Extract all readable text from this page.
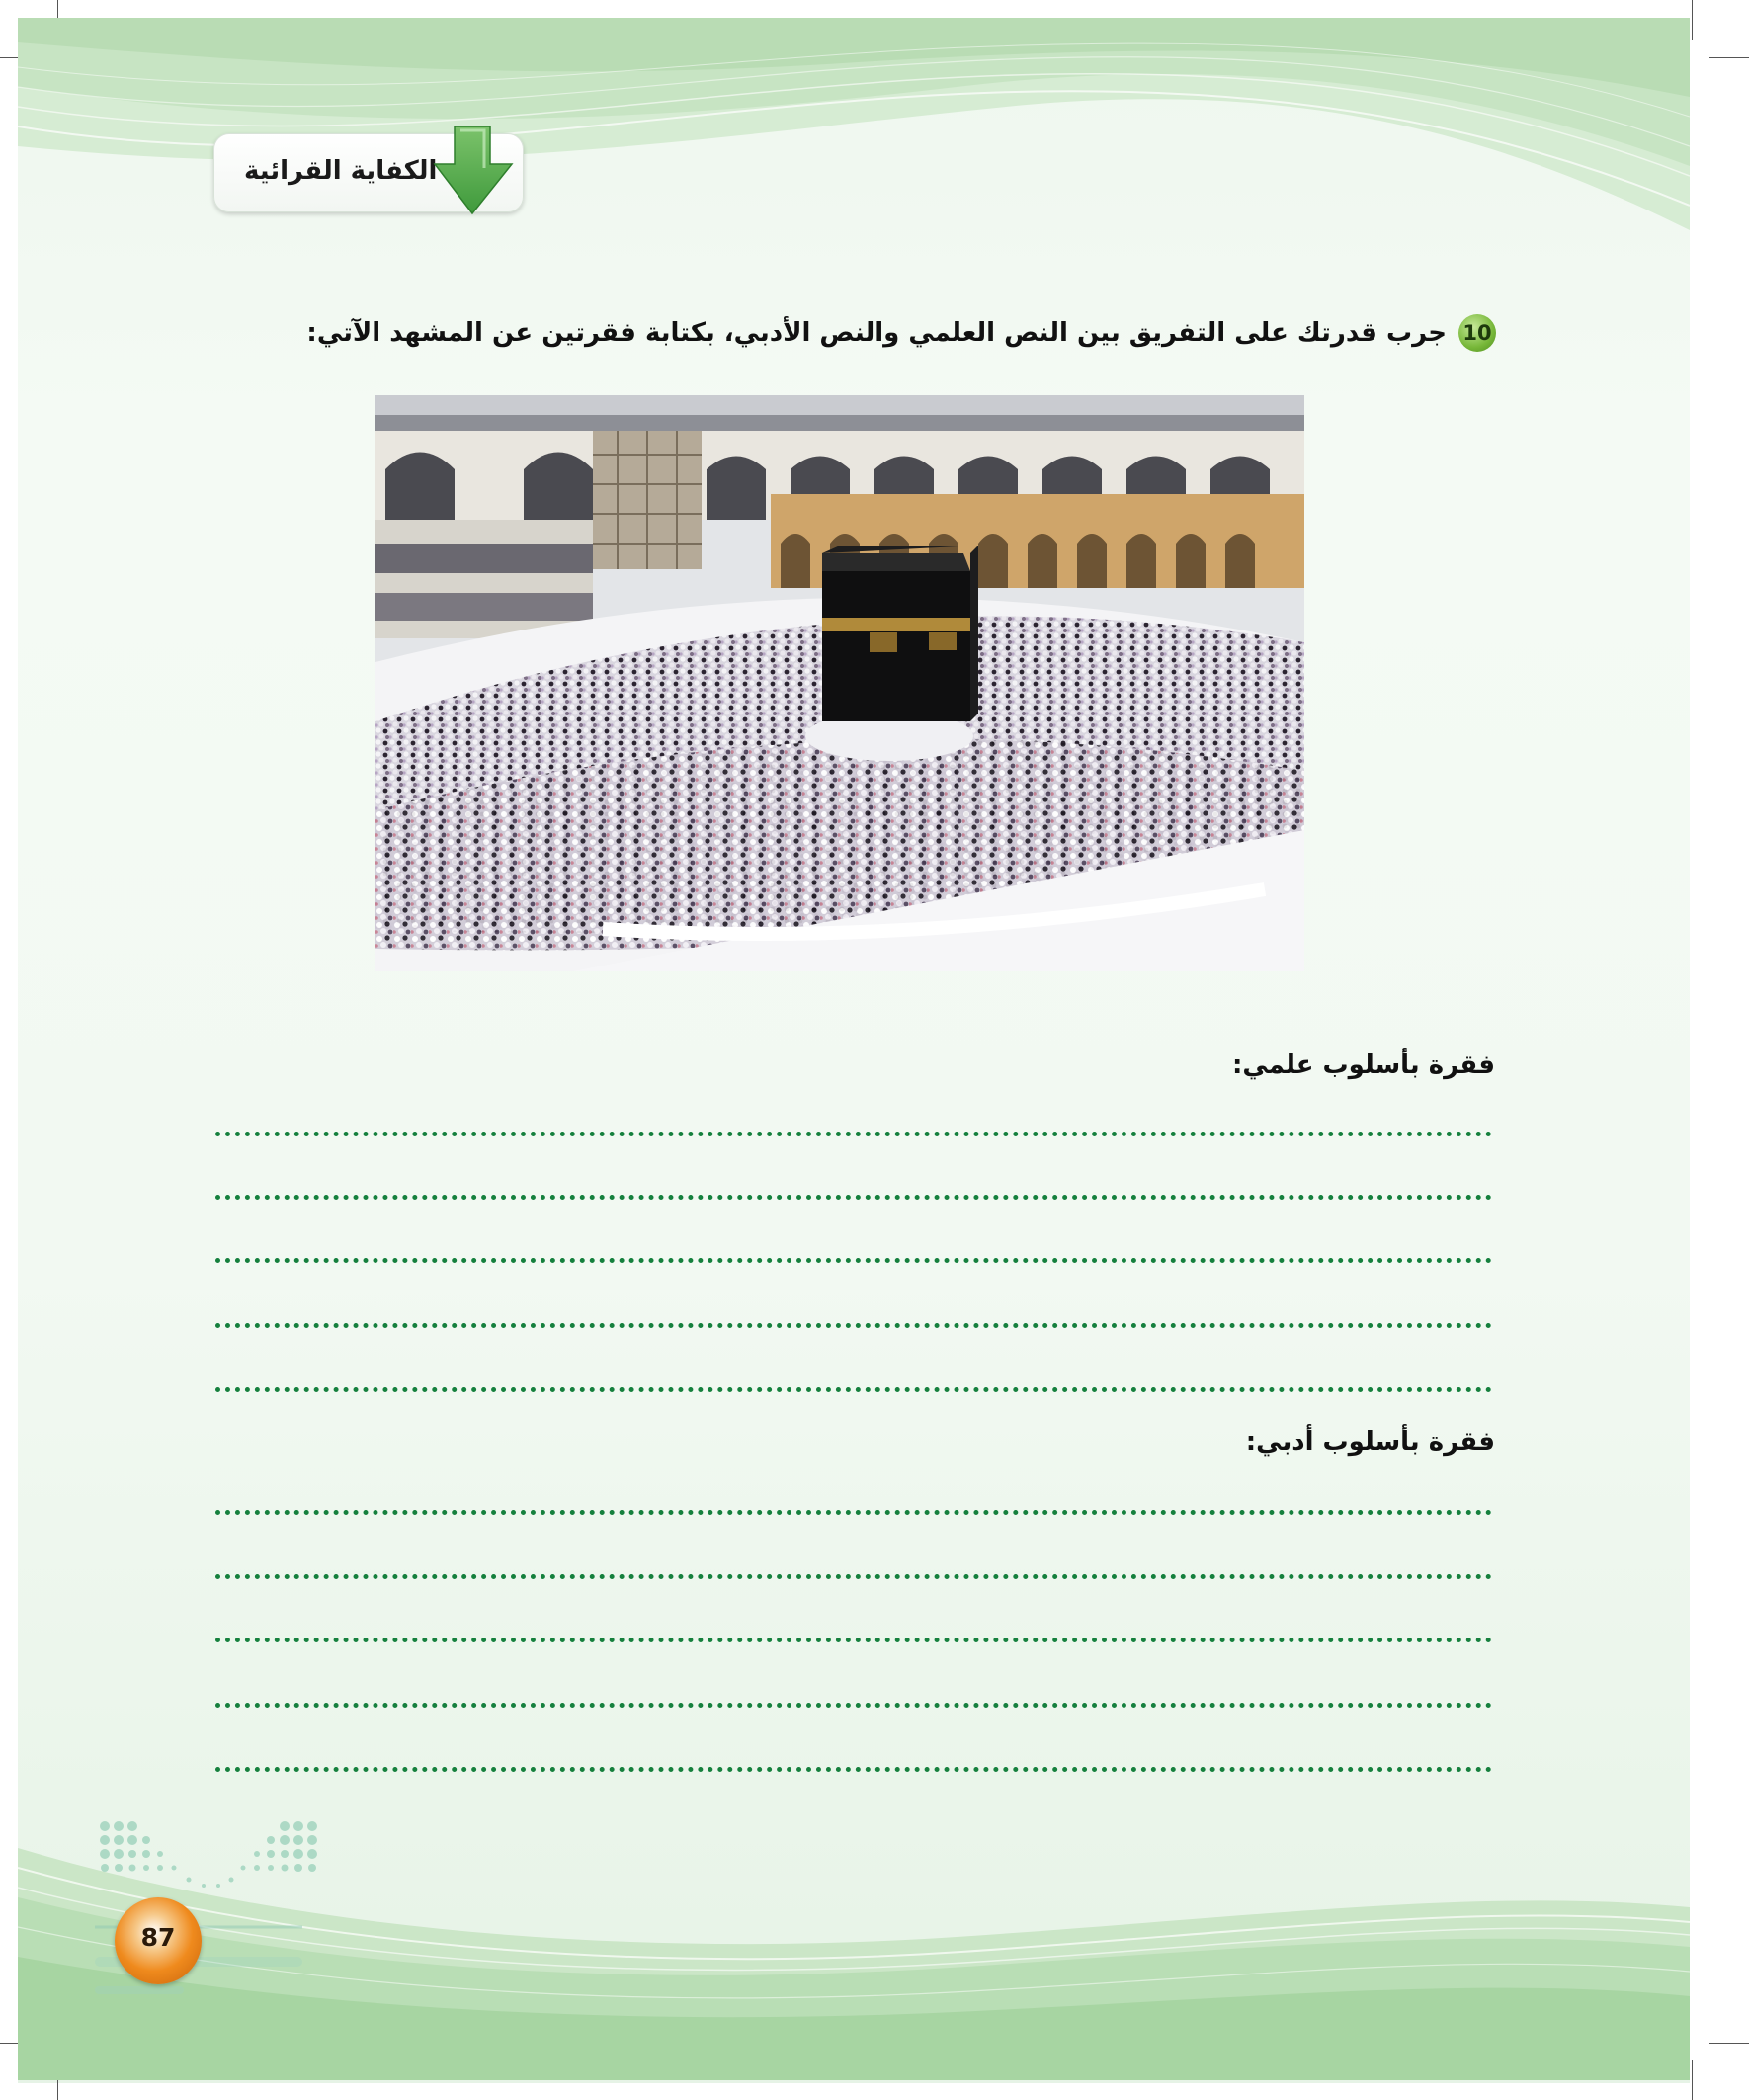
الكفاية القرائية
10
جرب قدرتك على التفريق بين النص العلمي والنص الأدبي، بكتابة فقرتين عن المشهد الآتي:
فقرة بأسلوب علمي:
فقرة بأسلوب أدبي:
87
